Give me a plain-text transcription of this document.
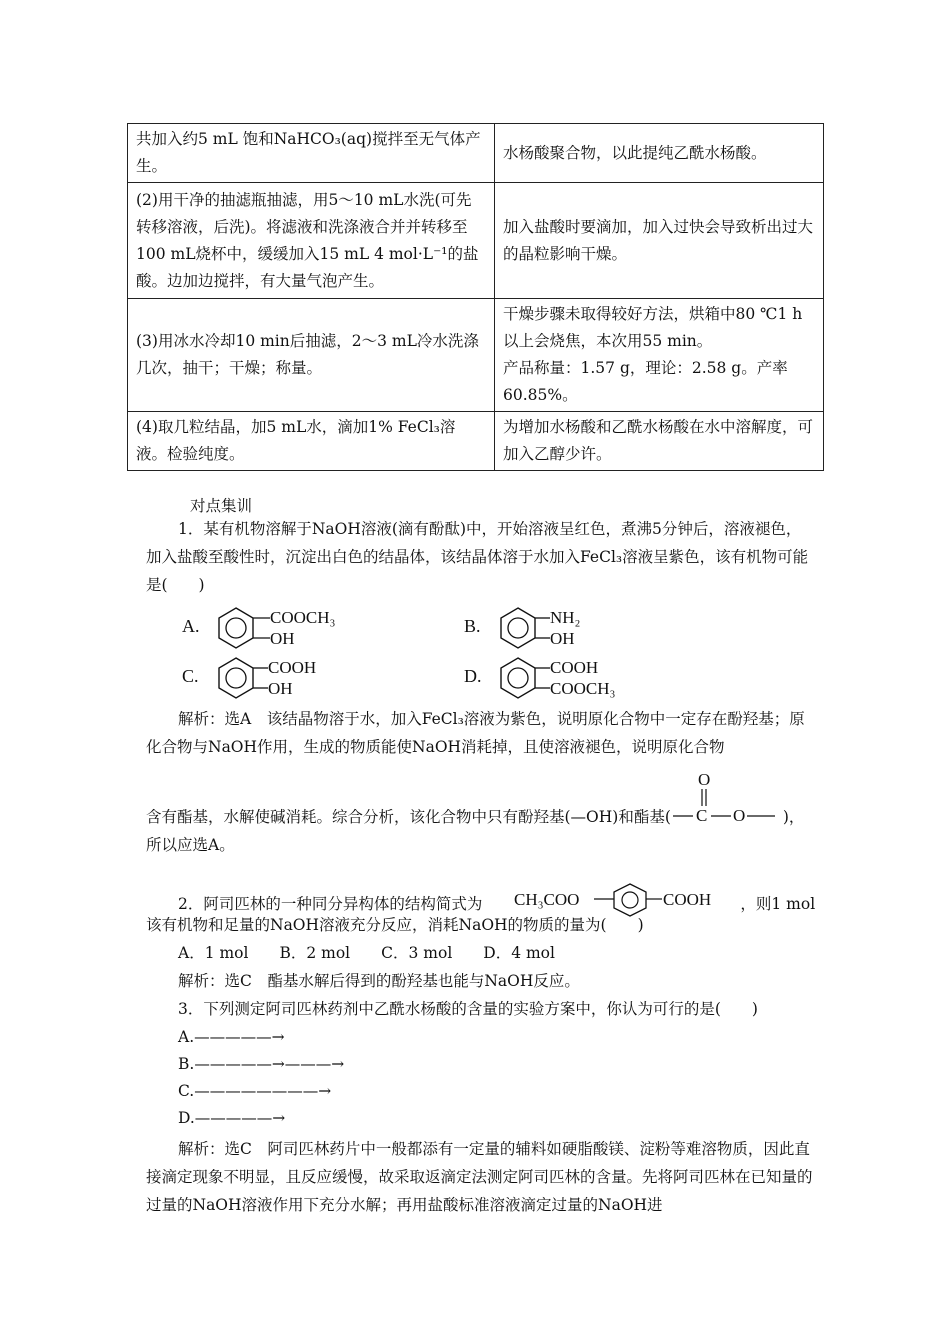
共加入约5 mL 饱和NaHCO₃(aq)搅拌至无气体产生。	水杨酸聚合物，以此提纯乙酰水杨酸。
(2)用干净的抽滤瓶抽滤，用5～10 mL水洗(可先转移溶液，后洗)。将滤液和洗涤液合并并转移至100 mL烧杯中，缓缓加入15 mL 4 mol·L⁻¹的盐酸。边加边搅拌，有大量气泡产生。	加入盐酸时要滴加，加入过快会导致析出过大的晶粒影响干燥。
(3)用冰水冷却10 min后抽滤，2～3 mL冷水洗涤几次，抽干；干燥；称量。	干燥步骤未取得较好方法，烘箱中80 ℃1 h以上会烧焦，本次用55 min。
产品称量：1.57 g，理论：2.58 g。产率60.85%。
(4)取几粒结晶，加5 mL水，滴加1% FeCl₃溶液。检验纯度。	为增加水杨酸和乙酰水杨酸在水中溶解度，可加入乙醇少许。
对点集训
1．某有机物溶解于NaOH溶液(滴有酚酞)中，开始溶液呈红色，煮沸5分钟后，溶液褪色，加入盐酸至酸性时，沉淀出白色的结晶体，该结晶体溶于水加入FeCl₃溶液呈紫色，该有机物可能是(　　)
A.	COOCH₃
OH
B.	NH₂
OH
C.	COOH
OH
D.	COOH
COOCH₃
解析：选A　该结晶物溶于水，加入FeCl₃溶液为紫色，说明原化合物中一定存在酚羟基；原化合物与NaOH作用，生成的物质能使NaOH消耗掉，且使溶液褪色，说明原化合物
含有酯基，水解使碱消耗。综合分析，该化合物中只有酚羟基(—OH)和酯基( C
O
O )，
所以应选A。
2．阿司匹林的一种同分异构体的结构简式为 CH₃COO	COOH ，则1 mol
该有机物和足量的NaOH溶液充分反应，消耗NaOH的物质的量为(　　)
A．1 mol　　B．2 mol　　C．3 mol　　D．4 mol
解析：选C　酯基水解后得到的酚羟基也能与NaOH反应。
3．下列测定阿司匹林药剂中乙酰水杨酸的含量的实验方案中，你认为可行的是(　　)
A.—————→
B.—————→———→
C.————————→
D.—————→
解析：选C　阿司匹林药片中一般都添有一定量的辅料如硬脂酸镁、淀粉等难溶物质，因此直接滴定现象不明显，且反应缓慢，故采取返滴定法测定阿司匹林的含量。先将阿司匹林在已知量的过量的NaOH溶液作用下充分水解；再用盐酸标准溶液滴定过量的NaOH进
